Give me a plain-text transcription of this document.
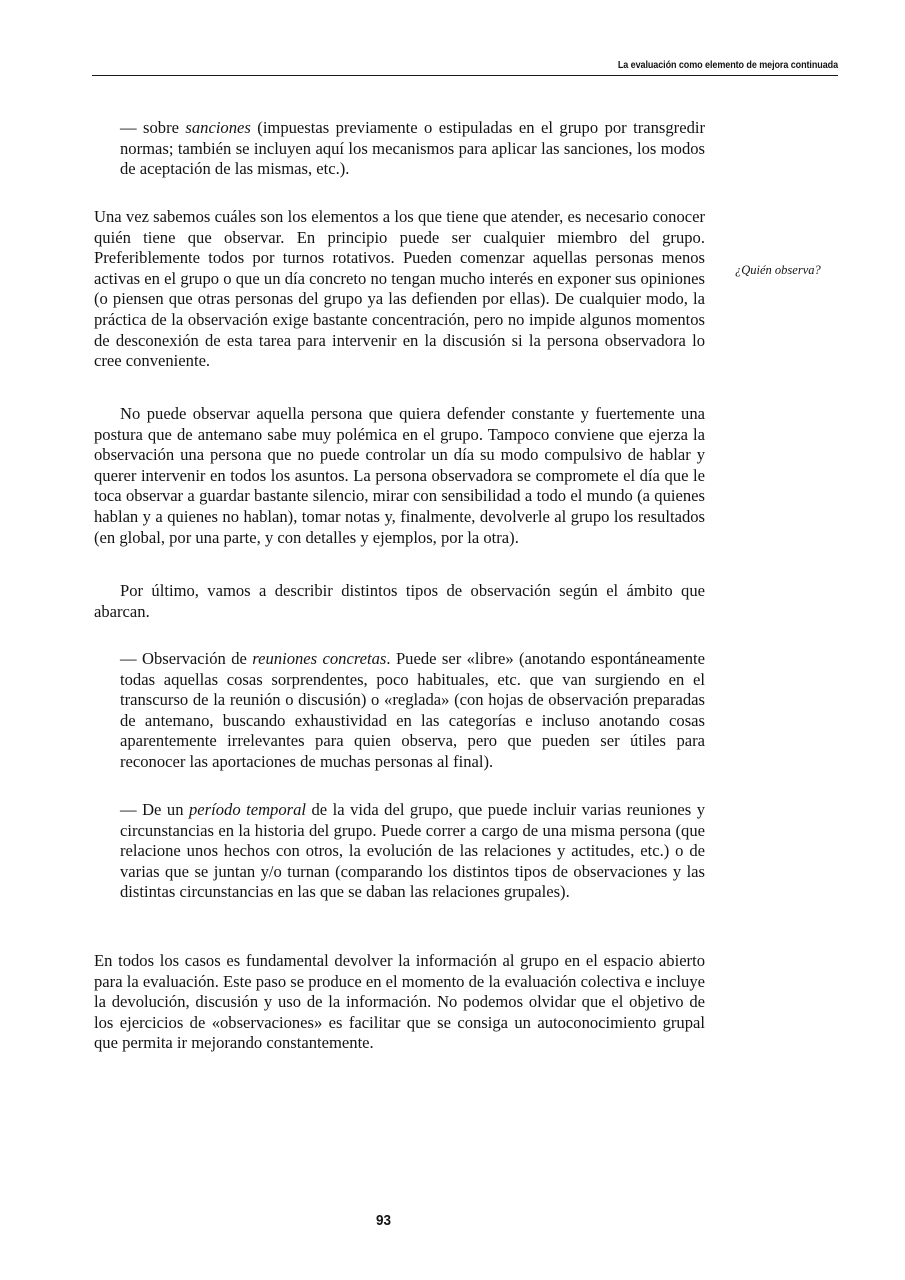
La evaluación como elemento de mejora continuada

— sobre sanciones (impuestas previamente o estipuladas en el grupo por transgredir normas; también se incluyen aquí los mecanismos para aplicar las sanciones, los modos de aceptación de las mismas, etc.).

Una vez sabemos cuáles son los elementos a los que tiene que atender, es necesario conocer quién tiene que observar. En principio puede ser cualquier miembro del grupo. Preferiblemente todos por turnos rotativos. Pueden comenzar aquellas personas menos activas en el grupo o que un día concreto no tengan mucho interés en exponer sus opiniones (o piensen que otras personas del grupo ya las defienden por ellas). De cualquier modo, la práctica de la observación exige bastante concentración, pero no impide algunos momentos de desconexión de esta tarea para intervenir en la discusión si la persona observadora lo cree conveniente.

No puede observar aquella persona que quiera defender constante y fuertemente una postura que de antemano sabe muy polémica en el grupo. Tampoco conviene que ejerza la observación una persona que no puede controlar un día su modo compulsivo de hablar y querer intervenir en todos los asuntos. La persona observadora se compromete el día que le toca observar a guardar bastante silencio, mirar con sensibilidad a todo el mundo (a quienes hablan y a quienes no hablan), tomar notas y, finalmente, devolverle al grupo los resultados (en global, por una parte, y con detalles y ejemplos, por la otra).

Por último, vamos a describir distintos tipos de observación según el ámbito que abarcan.

— Observación de reuniones concretas. Puede ser «libre» (anotando espontáneamente todas aquellas cosas sorprendentes, poco habituales, etc. que van surgiendo en el transcurso de la reunión o discusión) o «reglada» (con hojas de observación preparadas de antemano, buscando exhaustividad en las categorías e incluso anotando cosas aparentemente irrelevantes para quien observa, pero que pueden ser útiles para reconocer las aportaciones de muchas personas al final).

— De un período temporal de la vida del grupo, que puede incluir varias reuniones y circunstancias en la historia del grupo. Puede correr a cargo de una misma persona (que relacione unos hechos con otros, la evolución de las relaciones y actitudes, etc.) o de varias que se juntan y/o turnan (comparando los distintos tipos de observaciones y las distintas circunstancias en las que se daban las relaciones grupales).

En todos los casos es fundamental devolver la información al grupo en el espacio abierto para la evaluación. Este paso se produce en el momento de la evaluación colectiva e incluye la devolución, discusión y uso de la información. No podemos olvidar que el objetivo de los ejercicios de «observaciones» es facilitar que se consiga un autoconocimiento grupal que permita ir mejorando constantemente.

¿Quién observa?
93
